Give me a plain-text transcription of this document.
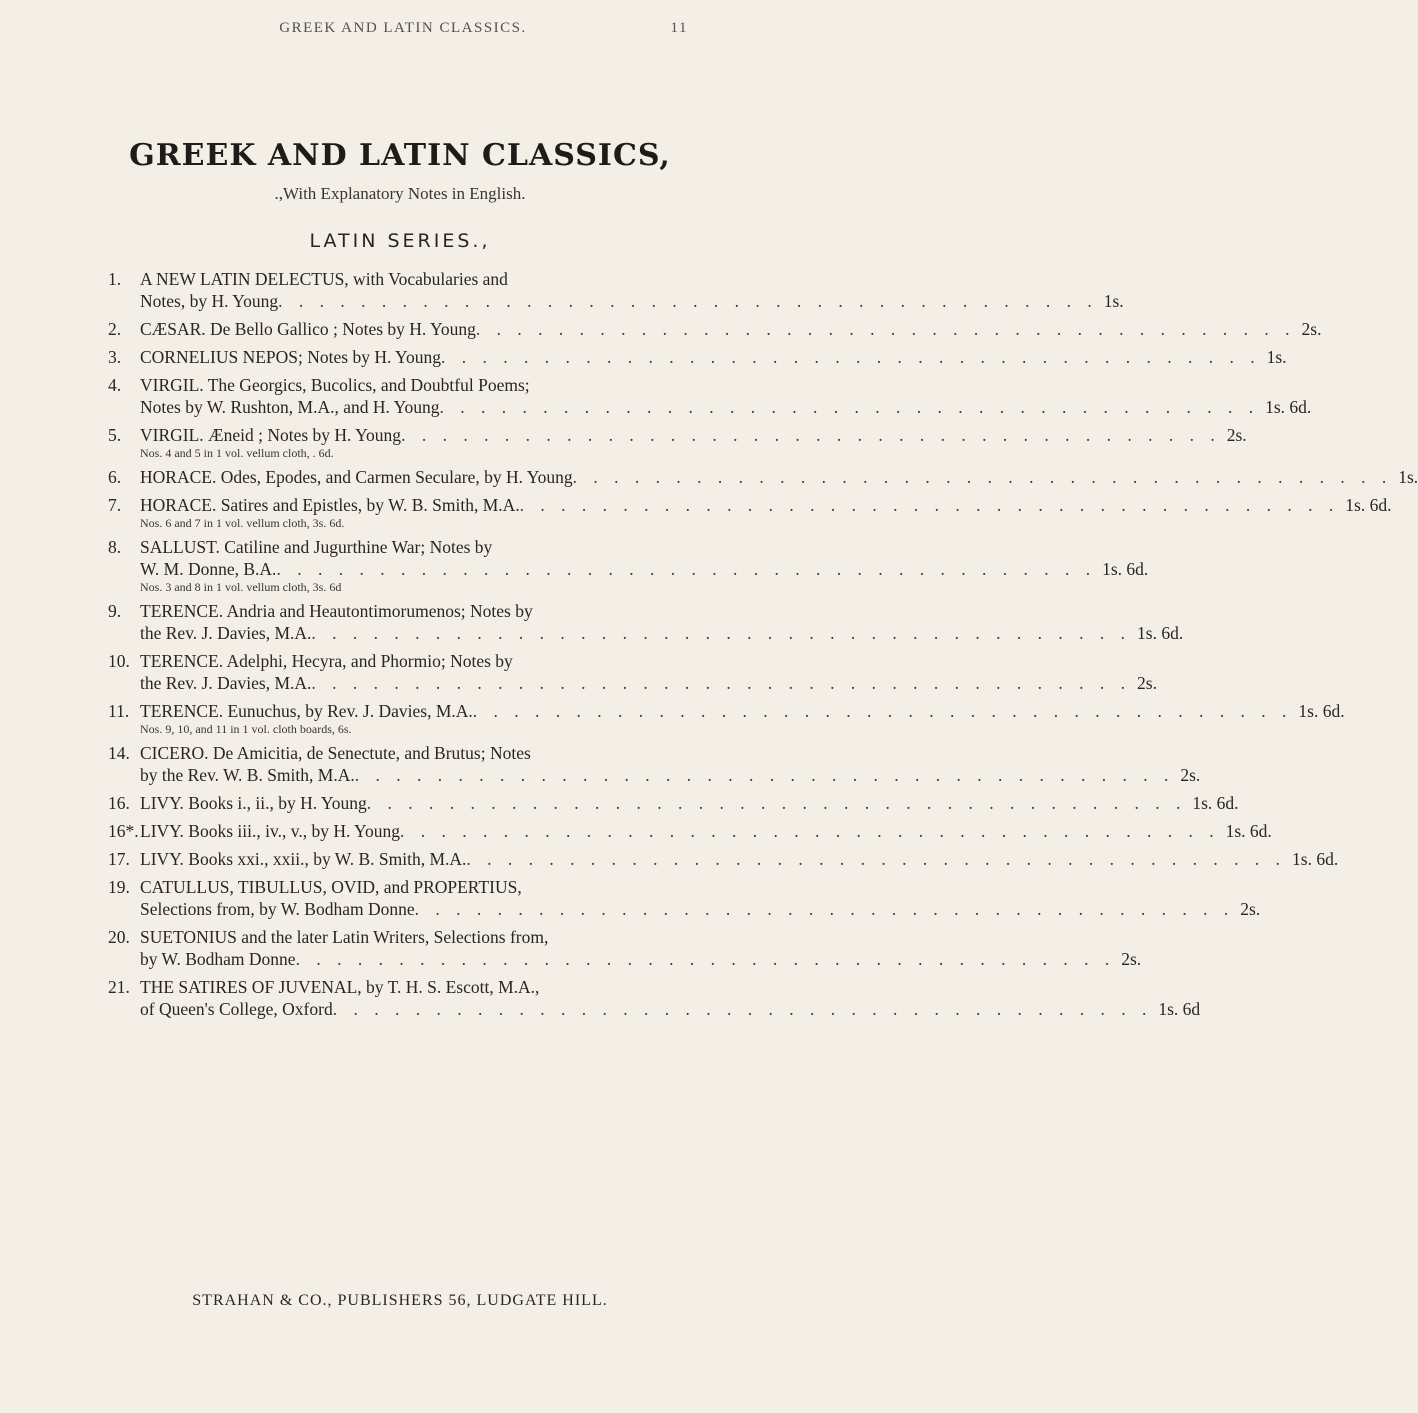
GREEK AND LATIN CLASSICS.	11
GREEK AND LATIN CLASSICS,
.,With Explanatory Notes in English.
LATIN SERIES.,
1.	A NEW LATIN DELECTUS, with Vocabularies and
Notes, by H. Young . . . . . . . . . . . . . . . . . . . . . . . . . . . . . . . . . . . . . . . . 1s.
2.	CÆSAR. De Bello Gallico ; Notes by H. Young . . . . . . . . . . . . . . . . . . . . . . . . . . . . . . . . . . . . . . . . 2s.
3.	CORNELIUS NEPOS; Notes by H. Young . . . . . . . . . . . . . . . . . . . . . . . . . . . . . . . . . . . . . . . . 1s.
4.	VIRGIL. The Georgics, Bucolics, and Doubtful Poems;
Notes by W. Rushton, M.A., and H. Young . . . . . . . . . . . . . . . . . . . . . . . . . . . . . . . . . . . . . . . . 1s. 6d.
5.	VIRGIL. Æneid ; Notes by H. Young . . . . . . . . . . . . . . . . . . . . . . . . . . . . . . . . . . . . . . . . 2s.
Nos. 4 and 5 in 1 vol. vellum cloth, . 6d.
6.	HORACE. Odes, Epodes, and Carmen Seculare, by H. Young . . . . . . . . . . . . . . . . . . . . . . . . . . . . . . . . . . . . . . . . 1s.
7.	HORACE. Satires and Epistles, by W. B. Smith, M.A. . . . . . . . . . . . . . . . . . . . . . . . . . . . . . . . . . . . . . . . . 1s. 6d.
Nos. 6 and 7 in 1 vol. vellum cloth, 3s. 6d.
8.	SALLUST. Catiline and Jugurthine War; Notes by
W. M. Donne, B.A. . . . . . . . . . . . . . . . . . . . . . . . . . . . . . . . . . . . . . . . . 1s. 6d.
Nos. 3 and 8 in 1 vol. vellum cloth, 3s. 6d
9.	TERENCE. Andria and Heautontimorumenos; Notes by
the Rev. J. Davies, M.A. . . . . . . . . . . . . . . . . . . . . . . . . . . . . . . . . . . . . . . . . 1s. 6d.
10. TERENCE. Adelphi, Hecyra, and Phormio; Notes by
the Rev. J. Davies, M.A. . . . . . . . . . . . . . . . . . . . . . . . . . . . . . . . . . . . . . . . . 2s.
11. TERENCE. Eunuchus, by Rev. J. Davies, M.A. . . . . . . . . . . . . . . . . . . . . . . . . . . . . . . . . . . . . . . . . 1s. 6d.
Nos. 9, 10, and 11 in 1 vol. cloth boards, 6s.
14. CICERO. De Amicitia, de Senectute, and Brutus; Notes
by the Rev. W. B. Smith, M.A. . . . . . . . . . . . . . . . . . . . . . . . . . . . . . . . . . . . . . . . . 2s.
16. LIVY. Books i., ii., by H. Young . . . . . . . . . . . . . . . . . . . . . . . . . . . . . . . . . . . . . . . . 1s. 6d.
16*. LIVY. Books iii., iv., v., by H. Young . . . . . . . . . . . . . . . . . . . . . . . . . . . . . . . . . . . . . . . . 1s. 6d.
17. LIVY. Books xxi., xxii., by W. B. Smith, M.A. . . . . . . . . . . . . . . . . . . . . . . . . . . . . . . . . . . . . . . . . 1s. 6d.
19. CATULLUS, TIBULLUS, OVID, and PROPERTIUS,
Selections from, by W. Bodham Donne . . . . . . . . . . . . . . . . . . . . . . . . . . . . . . . . . . . . . . . . 2s.
20. SUETONIUS and the later Latin Writers, Selections from,
by W. Bodham Donne . . . . . . . . . . . . . . . . . . . . . . . . . . . . . . . . . . . . . . . . 2s.
21. THE SATIRES OF JUVENAL, by T. H. S. Escott, M.A.,
of Queen's College, Oxford . . . . . . . . . . . . . . . . . . . . . . . . . . . . . . . . . . . . . . . . 1s. 6d
STRAHAN & CO., PUBLISHERS 56, LUDGATE HILL.
